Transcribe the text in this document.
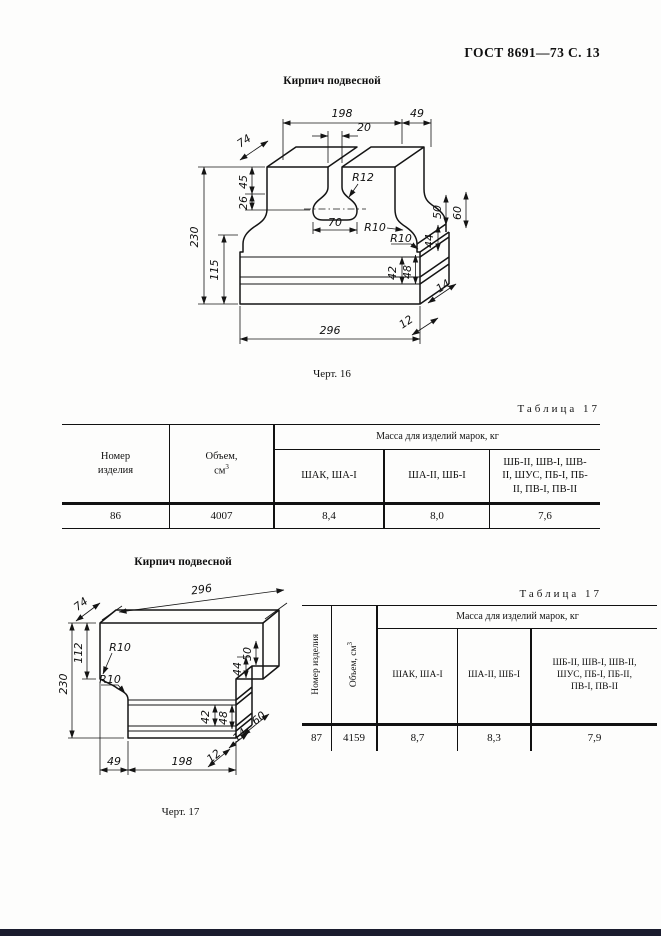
ГОСТ 8691—73 С. 13
Кирпич подвесной
198	49
20
74
45
26
230
115
70
R12
R10
R10
296
42 48
44
50 60
14
12
Черт. 16
Таблица 17
Номер
изделия
Объем,
$см^3$
Масса для изделий марок, кг
ШАК, ША-I	ША-II, ШБ-I
ШБ-II, ШВ-I, ШВ-II, ШУС, ПБ-I, ПБ-II, ПВ-I, ПВ-II
86	4007	8,4	8,0	7,6
Кирпич подвесной
296
74
112
230
R10
R10
50
44
42 48 60
14
12
49	198
Черт. 17
Таблица 17
Номер изделия	Объем, $см^3$
Масса для изделий марок, кг
ШАК, ША-I	ША-II, ШБ-I
ШБ-II, ШВ-I, ШВ-II, ШУС, ПБ-I, ПБ-II, ПВ-I, ПВ-II
87	4159	8,7	8,3	7,9
